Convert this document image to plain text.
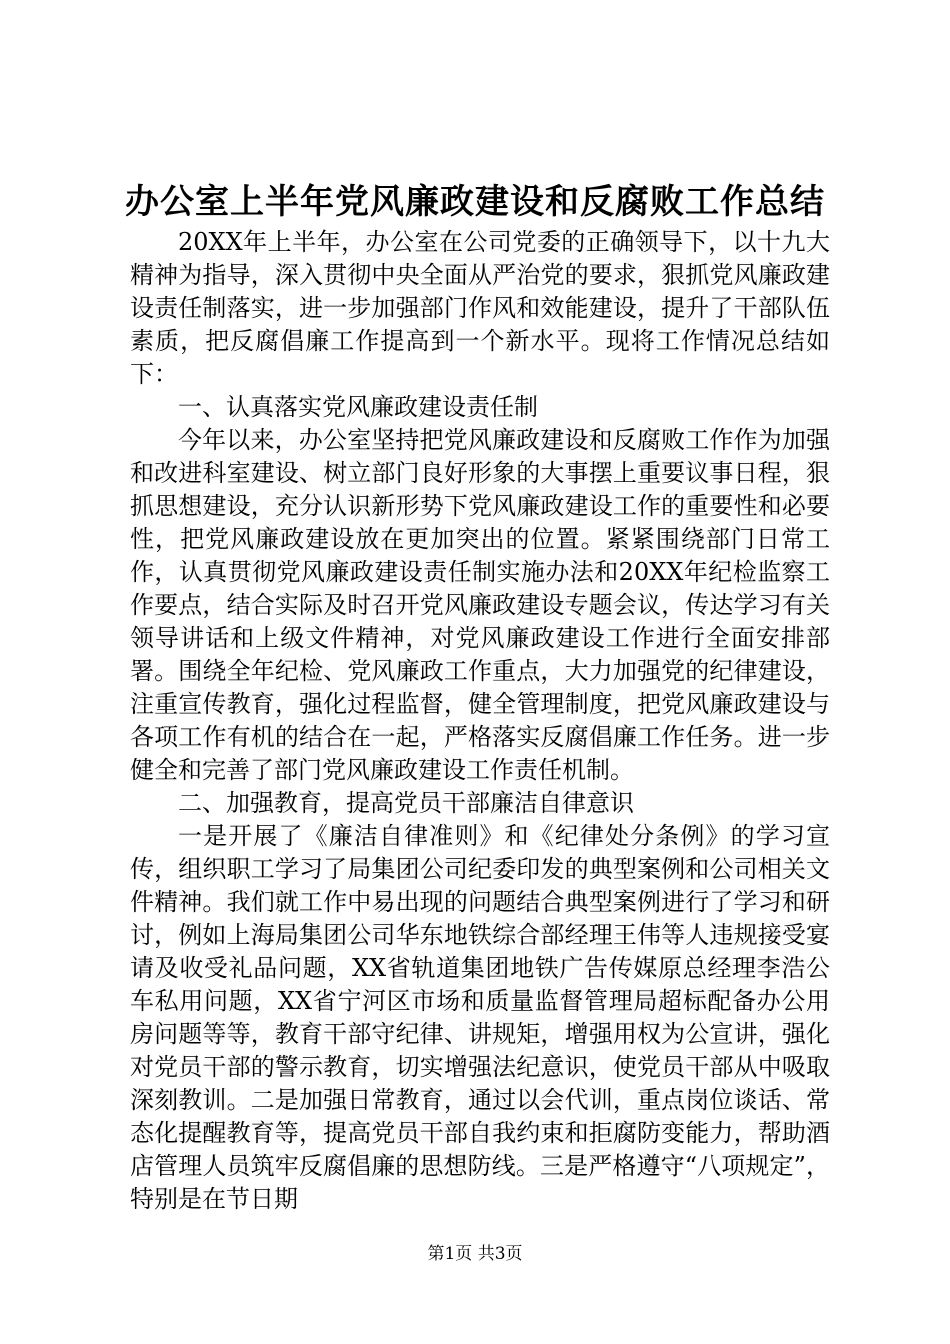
办公室上半年党风廉政建设和反腐败工作总结

20XX年上半年，办公室在公司党委的正确领导下，以十九大精神为指导，深入贯彻中央全面从严治党的要求，狠抓党风廉政建设责任制落实，进一步加强部门作风和效能建设，提升了干部队伍素质，把反腐倡廉工作提高到一个新水平。现将工作情况总结如下：

一、认真落实党风廉政建设责任制

今年以来，办公室坚持把党风廉政建设和反腐败工作作为加强和改进科室建设、树立部门良好形象的大事摆上重要议事日程，狠抓思想建设，充分认识新形势下党风廉政建设工作的重要性和必要性，把党风廉政建设放在更加突出的位置。紧紧围绕部门日常工作，认真贯彻党风廉政建设责任制实施办法和20XX年纪检监察工作要点，结合实际及时召开党风廉政建设专题会议，传达学习有关领导讲话和上级文件精神，对党风廉政建设工作进行全面安排部署。围绕全年纪检、党风廉政工作重点，大力加强党的纪律建设，注重宣传教育，强化过程监督，健全管理制度，把党风廉政建设与各项工作有机的结合在一起，严格落实反腐倡廉工作任务。进一步健全和完善了部门党风廉政建设工作责任机制。

二、加强教育，提高党员干部廉洁自律意识

一是开展了《廉洁自律准则》和《纪律处分条例》的学习宣传，组织职工学习了局集团公司纪委印发的典型案例和公司相关文件精神。我们就工作中易出现的问题结合典型案例进行了学习和研讨，例如上海局集团公司华东地铁综合部经理王伟等人违规接受宴请及收受礼品问题，XX省轨道集团地铁广告传媒原总经理李浩公车私用问题，XX省宁河区市场和质量监督管理局超标配备办公用房问题等等，教育干部守纪律、讲规矩，增强用权为公宣讲，强化对党员干部的警示教育，切实增强法纪意识，使党员干部从中吸取深刻教训。二是加强日常教育，通过以会代训，重点岗位谈话、常态化提醒教育等，提高党员干部自我约束和拒腐防变能力，帮助酒店管理人员筑牢反腐倡廉的思想防线。三是严格遵守“八项规定”，特别是在节日期

第1页 共3页
